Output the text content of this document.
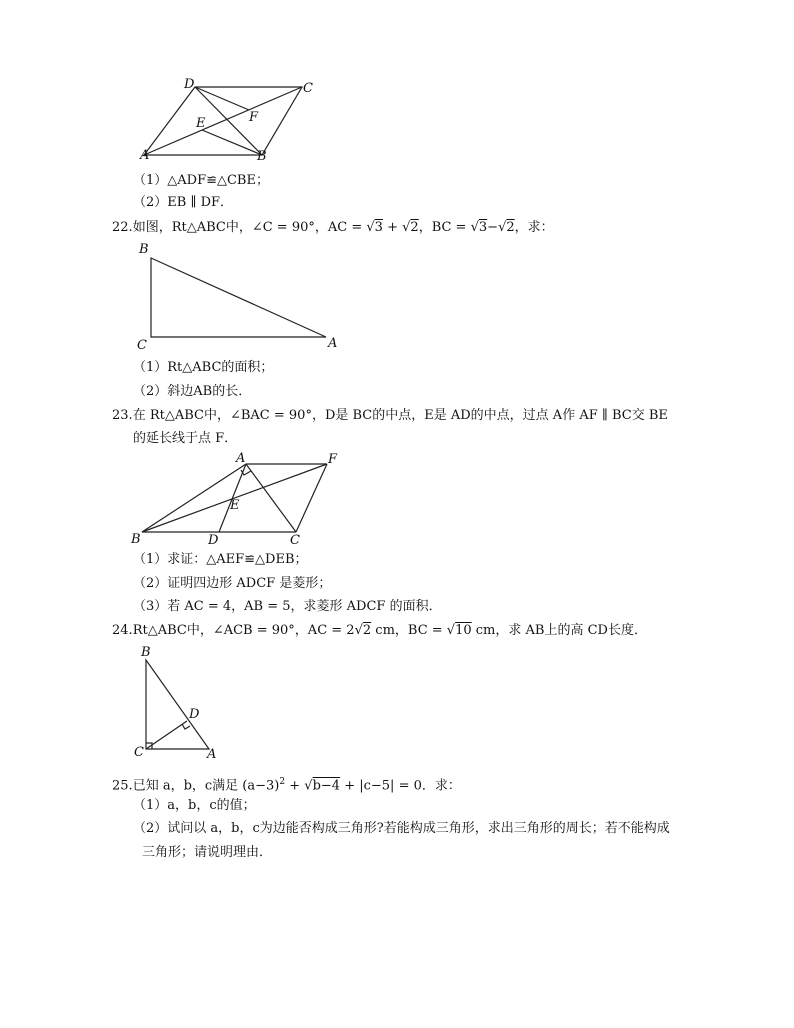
D	C
E	F
A	B
（1）△ADF≌△CBE；
（2）EB ∥ DF．
22.如图，Rt△ABC中，∠C = 90°，AC = √3 + √2，BC = √3−√2，求：
B
C	A
（1）Rt△ABC的面积；
（2）斜边AB的长．
23.在 Rt△ABC中，∠BAC = 90°，D是 BC的中点，E是 AD的中点，过点 A作 AF ∥ BC交 BE
的延长线于点 F．
A	F
E
B	D	C
（1）求证：△AEF≌△DEB；
（2）证明四边形 ADCF 是菱形；
（3）若 AC = 4，AB = 5，求菱形 ADCF 的面积．
24.Rt△ABC中，∠ACB = 90°，AC = 2√2 cm，BC = √10 cm，求 AB上的高 CD长度．
B
D
C	A
25.已知 a，b，c满足 $(a-3)^2 + √b-4 + |c-5| = 0$．求：
（1）a，b，c的值；
（2）试问以 a，b，c为边能否构成三角形?若能构成三角形，求出三角形的周长；若不能构成
三角形；请说明理由．
